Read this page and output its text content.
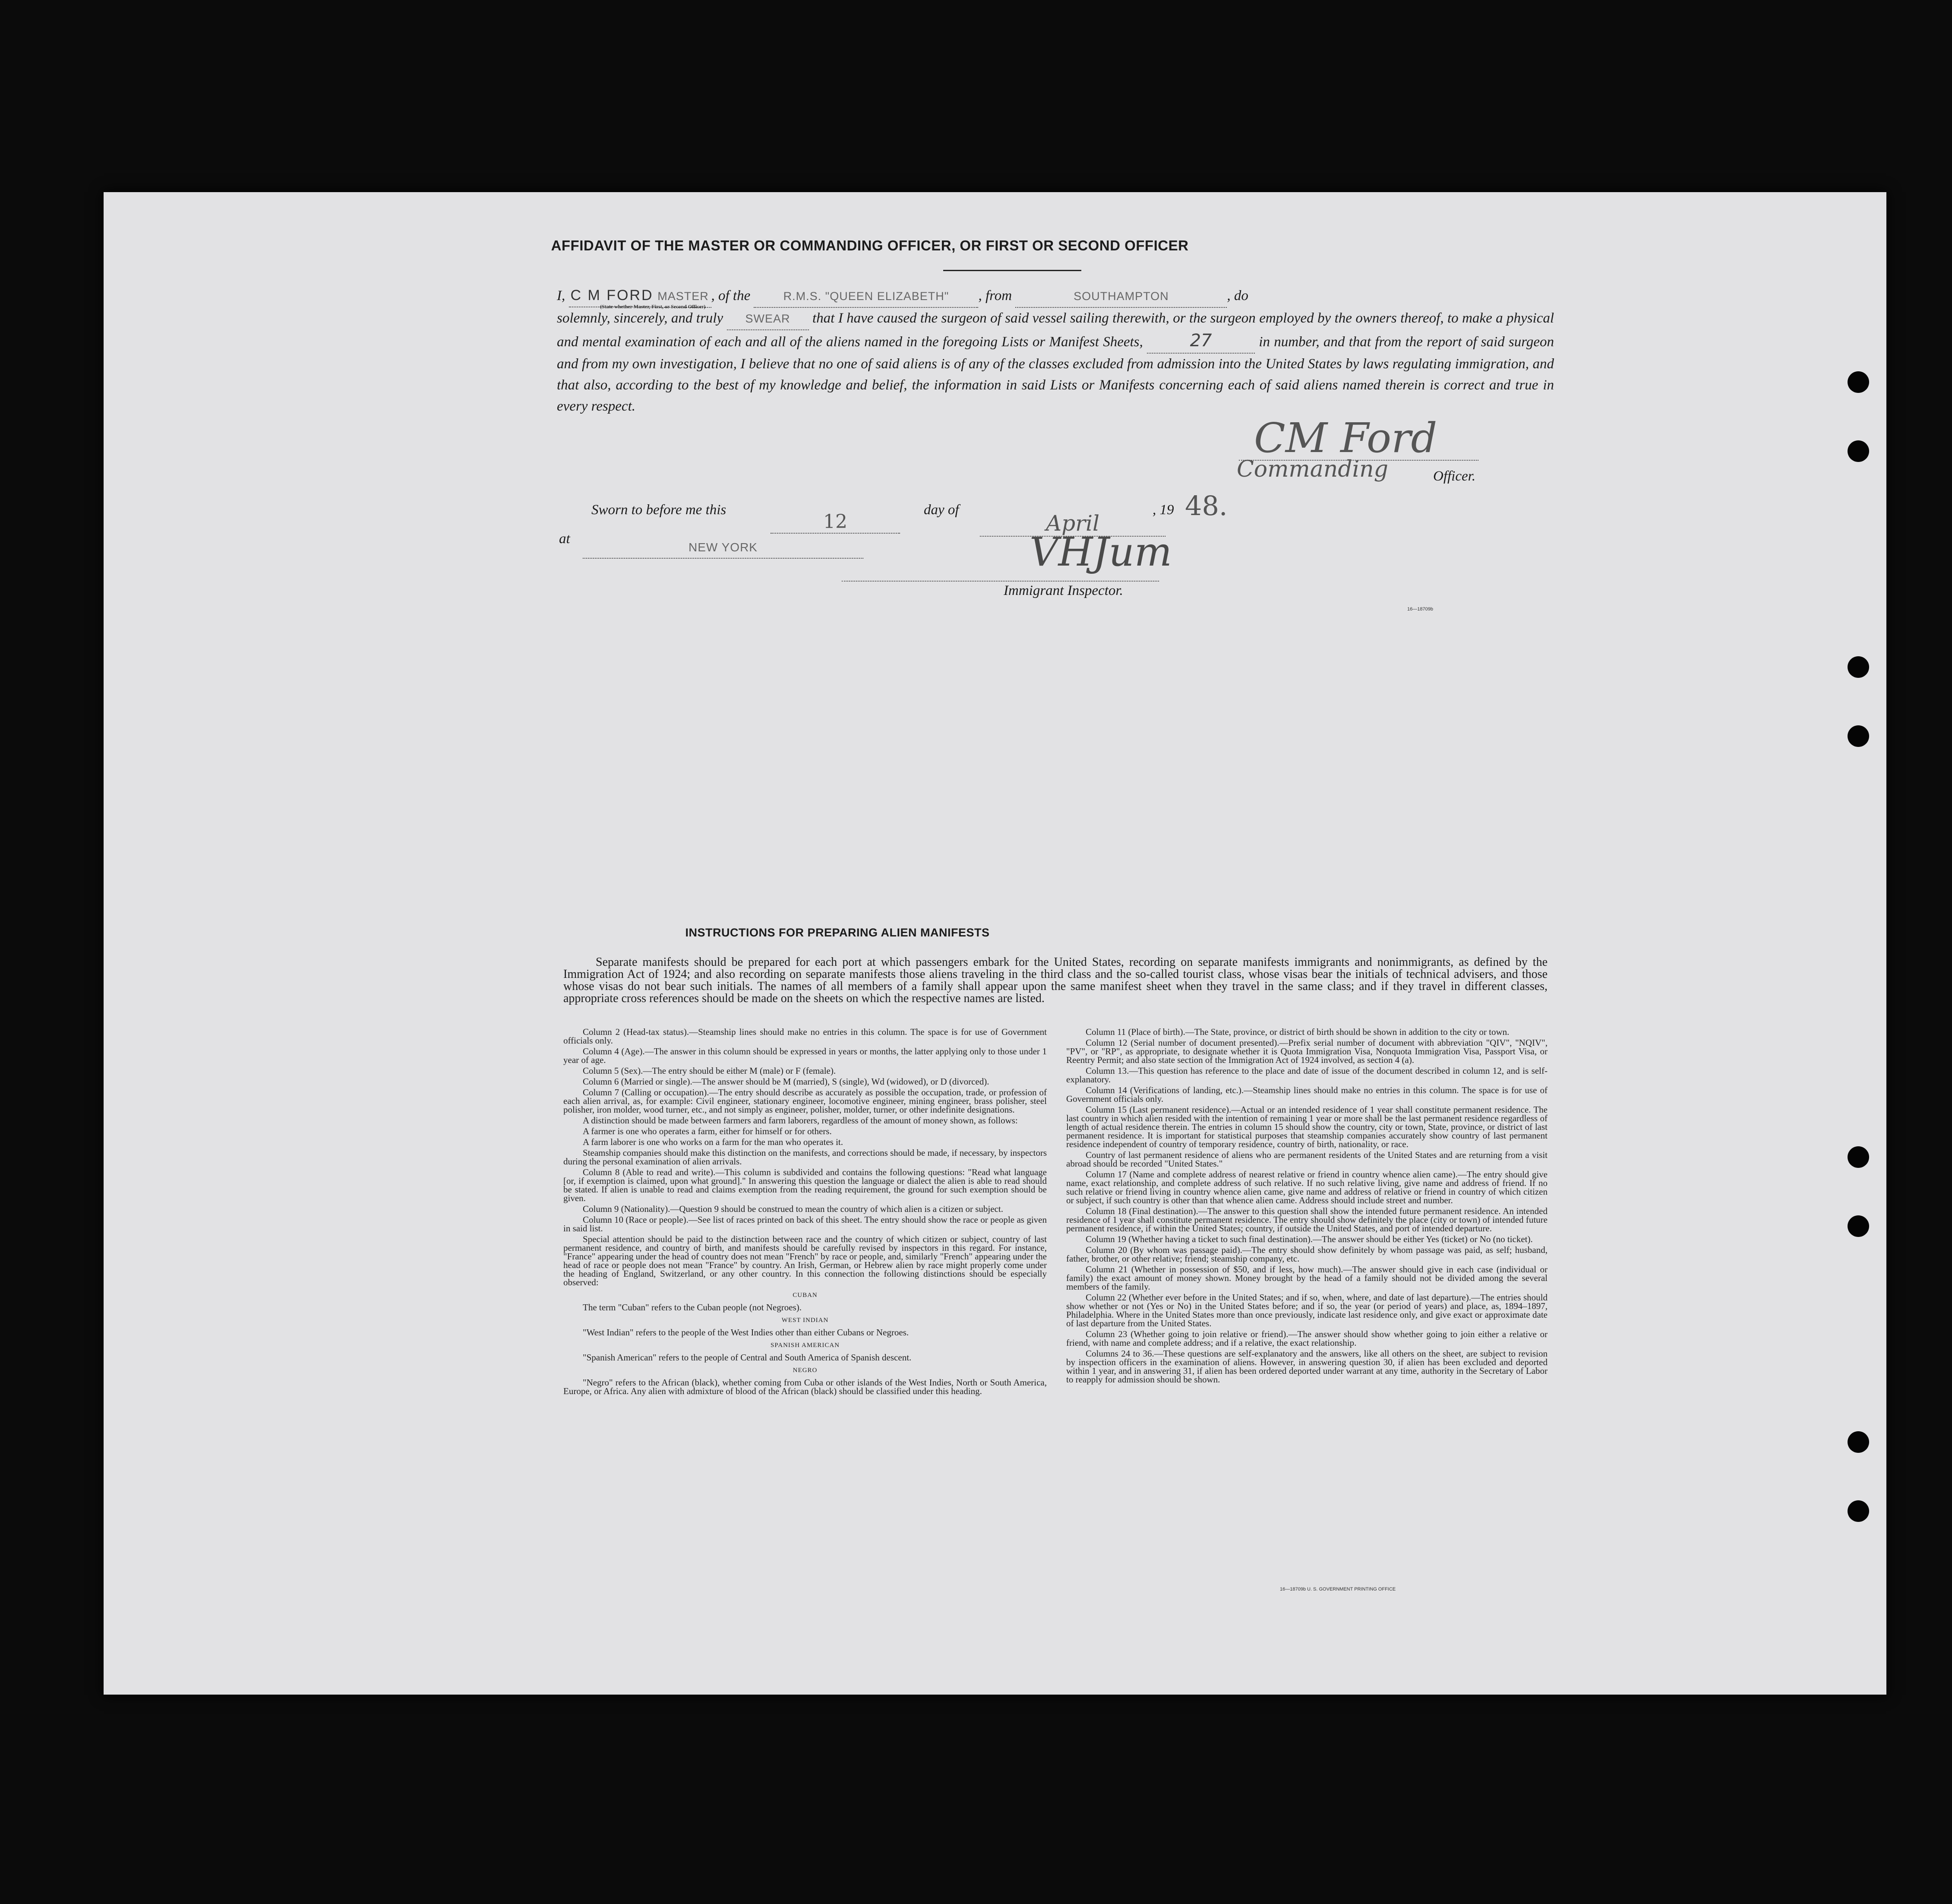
AFFIDAVIT OF THE MASTER OR COMMANDING OFFICER, OR FIRST OR SECOND OFFICER

I, C M FORD MASTER , of the	R.M.S. "QUEEN ELIZABETH" , from	SOUTHAMPTON	, do

solemnly, sincerely, and truly SWEAR that I have caused the surgeon of said vessel sailing therewith, or the surgeon employed by the owners thereof, to make a physical and mental examination of each and all of the aliens named in the foregoing Lists or Manifest Sheets,	27	in number, and that from the report of said surgeon and from my own investigation, I believe that no one of said aliens is of any of the classes excluded from admission into the United States by laws regulating immigration, and that also, according to the best of my knowledge and belief, the information in said Lists or Manifests concerning each of said aliens named therein is correct and true in every respect.

(State whether Master, First, or Second Officer)
CM Ford
Commanding	Officer.
Sworn to before me this
12
day of
April
, 19 48.
at
NEW YORK	VHJum
Immigrant Inspector.
16—18709b
INSTRUCTIONS FOR PREPARING ALIEN MANIFESTS
Separate manifests should be prepared for each port at which passengers embark for the United States, recording on separate manifests immigrants and nonimmigrants, as defined by the Immigration Act of 1924; and also recording on separate manifests those aliens traveling in the third class and the so-called tourist class, whose visas bear the initials of technical advisers, and those whose visas do not bear such initials. The names of all members of a family shall appear upon the same manifest sheet when they travel in the same class; and if they travel in different classes, appropriate cross references should be made on the sheets on which the respective names are listed.

Column 2 (Head-tax status).—Steamship lines should make no entries in this column. The space is for use of Government officials only.

Column 4 (Age).—The answer in this column should be expressed in years or months, the latter applying only to those under 1 year of age.

Column 5 (Sex).—The entry should be either M (male) or F (female).

Column 6 (Married or single).—The answer should be M (married), S (single), Wd (widowed), or D (divorced).

Column 7 (Calling or occupation).—The entry should describe as accurately as possible the occupation, trade, or profession of each alien arrival, as, for example: Civil engineer, stationary engineer, locomotive engineer, mining engineer, brass polisher, steel polisher, iron molder, wood turner, etc., and not simply as engineer, polisher, molder, turner, or other indefinite designations.

A distinction should be made between farmers and farm laborers, regardless of the amount of money shown, as follows:

A farmer is one who operates a farm, either for himself or for others.

A farm laborer is one who works on a farm for the man who operates it.

Steamship companies should make this distinction on the manifests, and corrections should be made, if necessary, by inspectors during the personal examination of alien arrivals.

Column 8 (Able to read and write).—This column is subdivided and contains the following questions: "Read what language [or, if exemption is claimed, upon what ground]." In answering this question the language or dialect the alien is able to read should be stated. If alien is unable to read and claims exemption from the reading requirement, the ground for such exemption should be given.

Column 9 (Nationality).—Question 9 should be construed to mean the country of which alien is a citizen or subject.

Column 10 (Race or people).—See list of races printed on back of this sheet. The entry should show the race or people as given in said list.

Special attention should be paid to the distinction between race and the country of which citizen or subject, country of last permanent residence, and country of birth, and manifests should be carefully revised by inspectors in this regard. For instance, "France" appearing under the head of country does not mean "French" by race or people, and, similarly "French" appearing under the head of race or people does not mean "France" by country. An Irish, German, or Hebrew alien by race might properly come under the heading of England, Switzerland, or any other country. In this connection the following distinctions should be especially observed:

CUBAN

The term "Cuban" refers to the Cuban people (not Negroes).

WEST INDIAN

"West Indian" refers to the people of the West Indies other than either Cubans or Negroes.

SPANISH AMERICAN

"Spanish American" refers to the people of Central and South America of Spanish descent.

NEGRO

"Negro" refers to the African (black), whether coming from Cuba or other islands of the West Indies, North or South America, Europe, or Africa. Any alien with admixture of blood of the African (black) should be classified under this heading.

Column 11 (Place of birth).—The State, province, or district of birth should be shown in addition to the city or town.

Column 12 (Serial number of document presented).—Prefix serial number of document with abbreviation "QIV", "NQIV", "PV", or "RP", as appropriate, to designate whether it is Quota Immigration Visa, Nonquota Immigration Visa, Passport Visa, or Reentry Permit; and also state section of the Immigration Act of 1924 involved, as section 4 (a).

Column 13.—This question has reference to the place and date of issue of the document described in column 12, and is self-explanatory.

Column 14 (Verifications of landing, etc.).—Steamship lines should make no entries in this column. The space is for use of Government officials only.

Column 15 (Last permanent residence).—Actual or an intended residence of 1 year shall constitute permanent residence. The last country in which alien resided with the intention of remaining 1 year or more shall be the last permanent residence regardless of length of actual residence therein. The entries in column 15 should show the country, city or town, State, province, or district of last permanent residence. It is important for statistical purposes that steamship companies accurately show country of last permanent residence independent of country of temporary residence, country of birth, nationality, or race.

Country of last permanent residence of aliens who are permanent residents of the United States and are returning from a visit abroad should be recorded "United States."

Column 17 (Name and complete address of nearest relative or friend in country whence alien came).—The entry should give name, exact relationship, and complete address of such relative. If no such relative living, give name and address of friend. If no such relative or friend living in country whence alien came, give name and address of relative or friend in country of which citizen or subject, if such country is other than that whence alien came. Address should include street and number.

Column 18 (Final destination).—The answer to this question shall show the intended future permanent residence. An intended residence of 1 year shall constitute permanent residence. The entry should show definitely the place (city or town) of intended future permanent residence, if within the United States; country, if outside the United States, and port of intended departure.

Column 19 (Whether having a ticket to such final destination).—The answer should be either Yes (ticket) or No (no ticket).

Column 20 (By whom was passage paid).—The entry should show definitely by whom passage was paid, as self; husband, father, brother, or other relative; friend; steamship company, etc.

Column 21 (Whether in possession of $50, and if less, how much).—The answer should give in each case (individual or family) the exact amount of money shown. Money brought by the head of a family should not be divided among the several members of the family.

Column 22 (Whether ever before in the United States; and if so, when, where, and date of last departure).—The entries should show whether or not (Yes or No) in the United States before; and if so, the year (or period of years) and place, as, 1894–1897, Philadelphia. Where in the United States more than once previously, indicate last residence only, and give exact or approximate date of last departure from the United States.

Column 23 (Whether going to join relative or friend).—The answer should show whether going to join either a relative or friend, with name and complete address; and if a relative, the exact relationship.

Columns 24 to 36.—These questions are self-explanatory and the answers, like all others on the sheet, are subject to revision by inspection officers in the examination of aliens. However, in answering question 30, if alien has been excluded and deported within 1 year, and in answering 31, if alien has been ordered deported under warrant at any time, authority in the Secretary of Labor to reapply for admission should be shown.

16—18709b U. S. GOVERNMENT PRINTING OFFICE
